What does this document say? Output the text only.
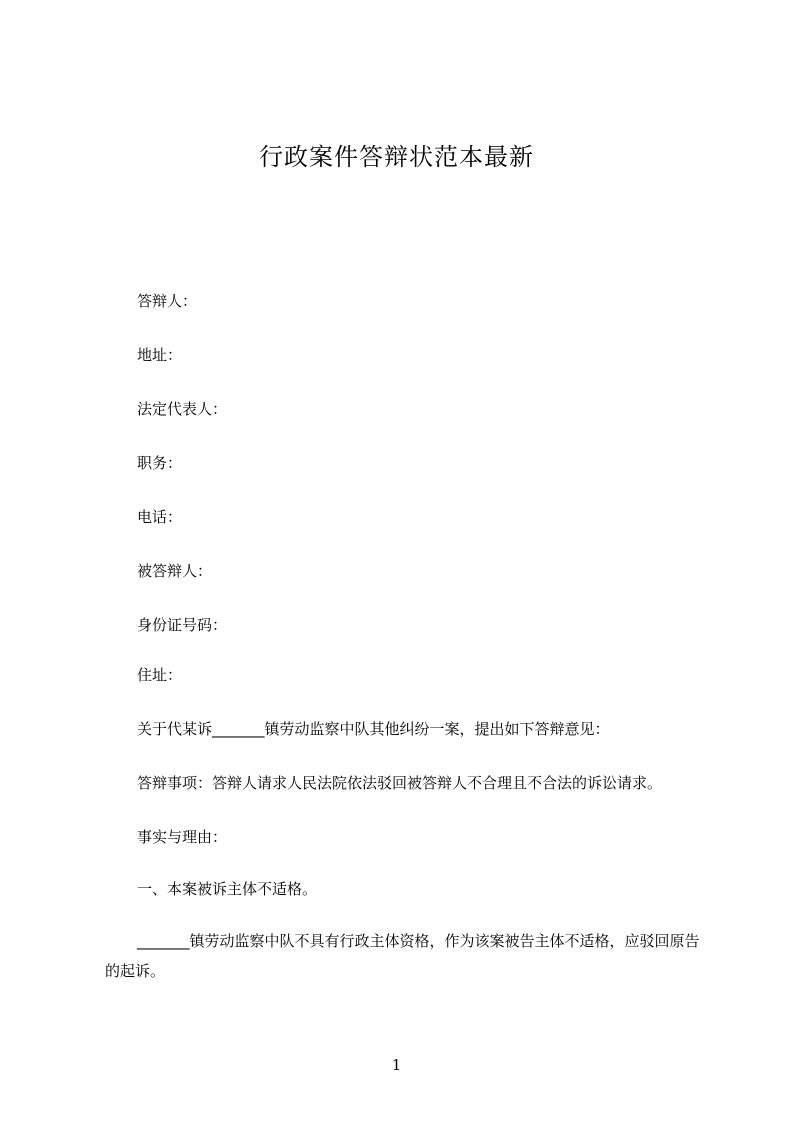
行政案件答辩状范本最新

答辩人：

地址：

法定代表人：

职务：

电话：

被答辩人：

身份证号码：

住址：

关于代某诉_______镇劳动监察中队其他纠纷一案，提出如下答辩意见：

答辩事项：答辩人请求人民法院依法驳回被答辩人不合理且不合法的诉讼请求。

事实与理由：

一、本案被诉主体不适格。

_______镇劳动监察中队不具有行政主体资格，作为该案被告主体不适格，应驳回原告的起诉。

1
